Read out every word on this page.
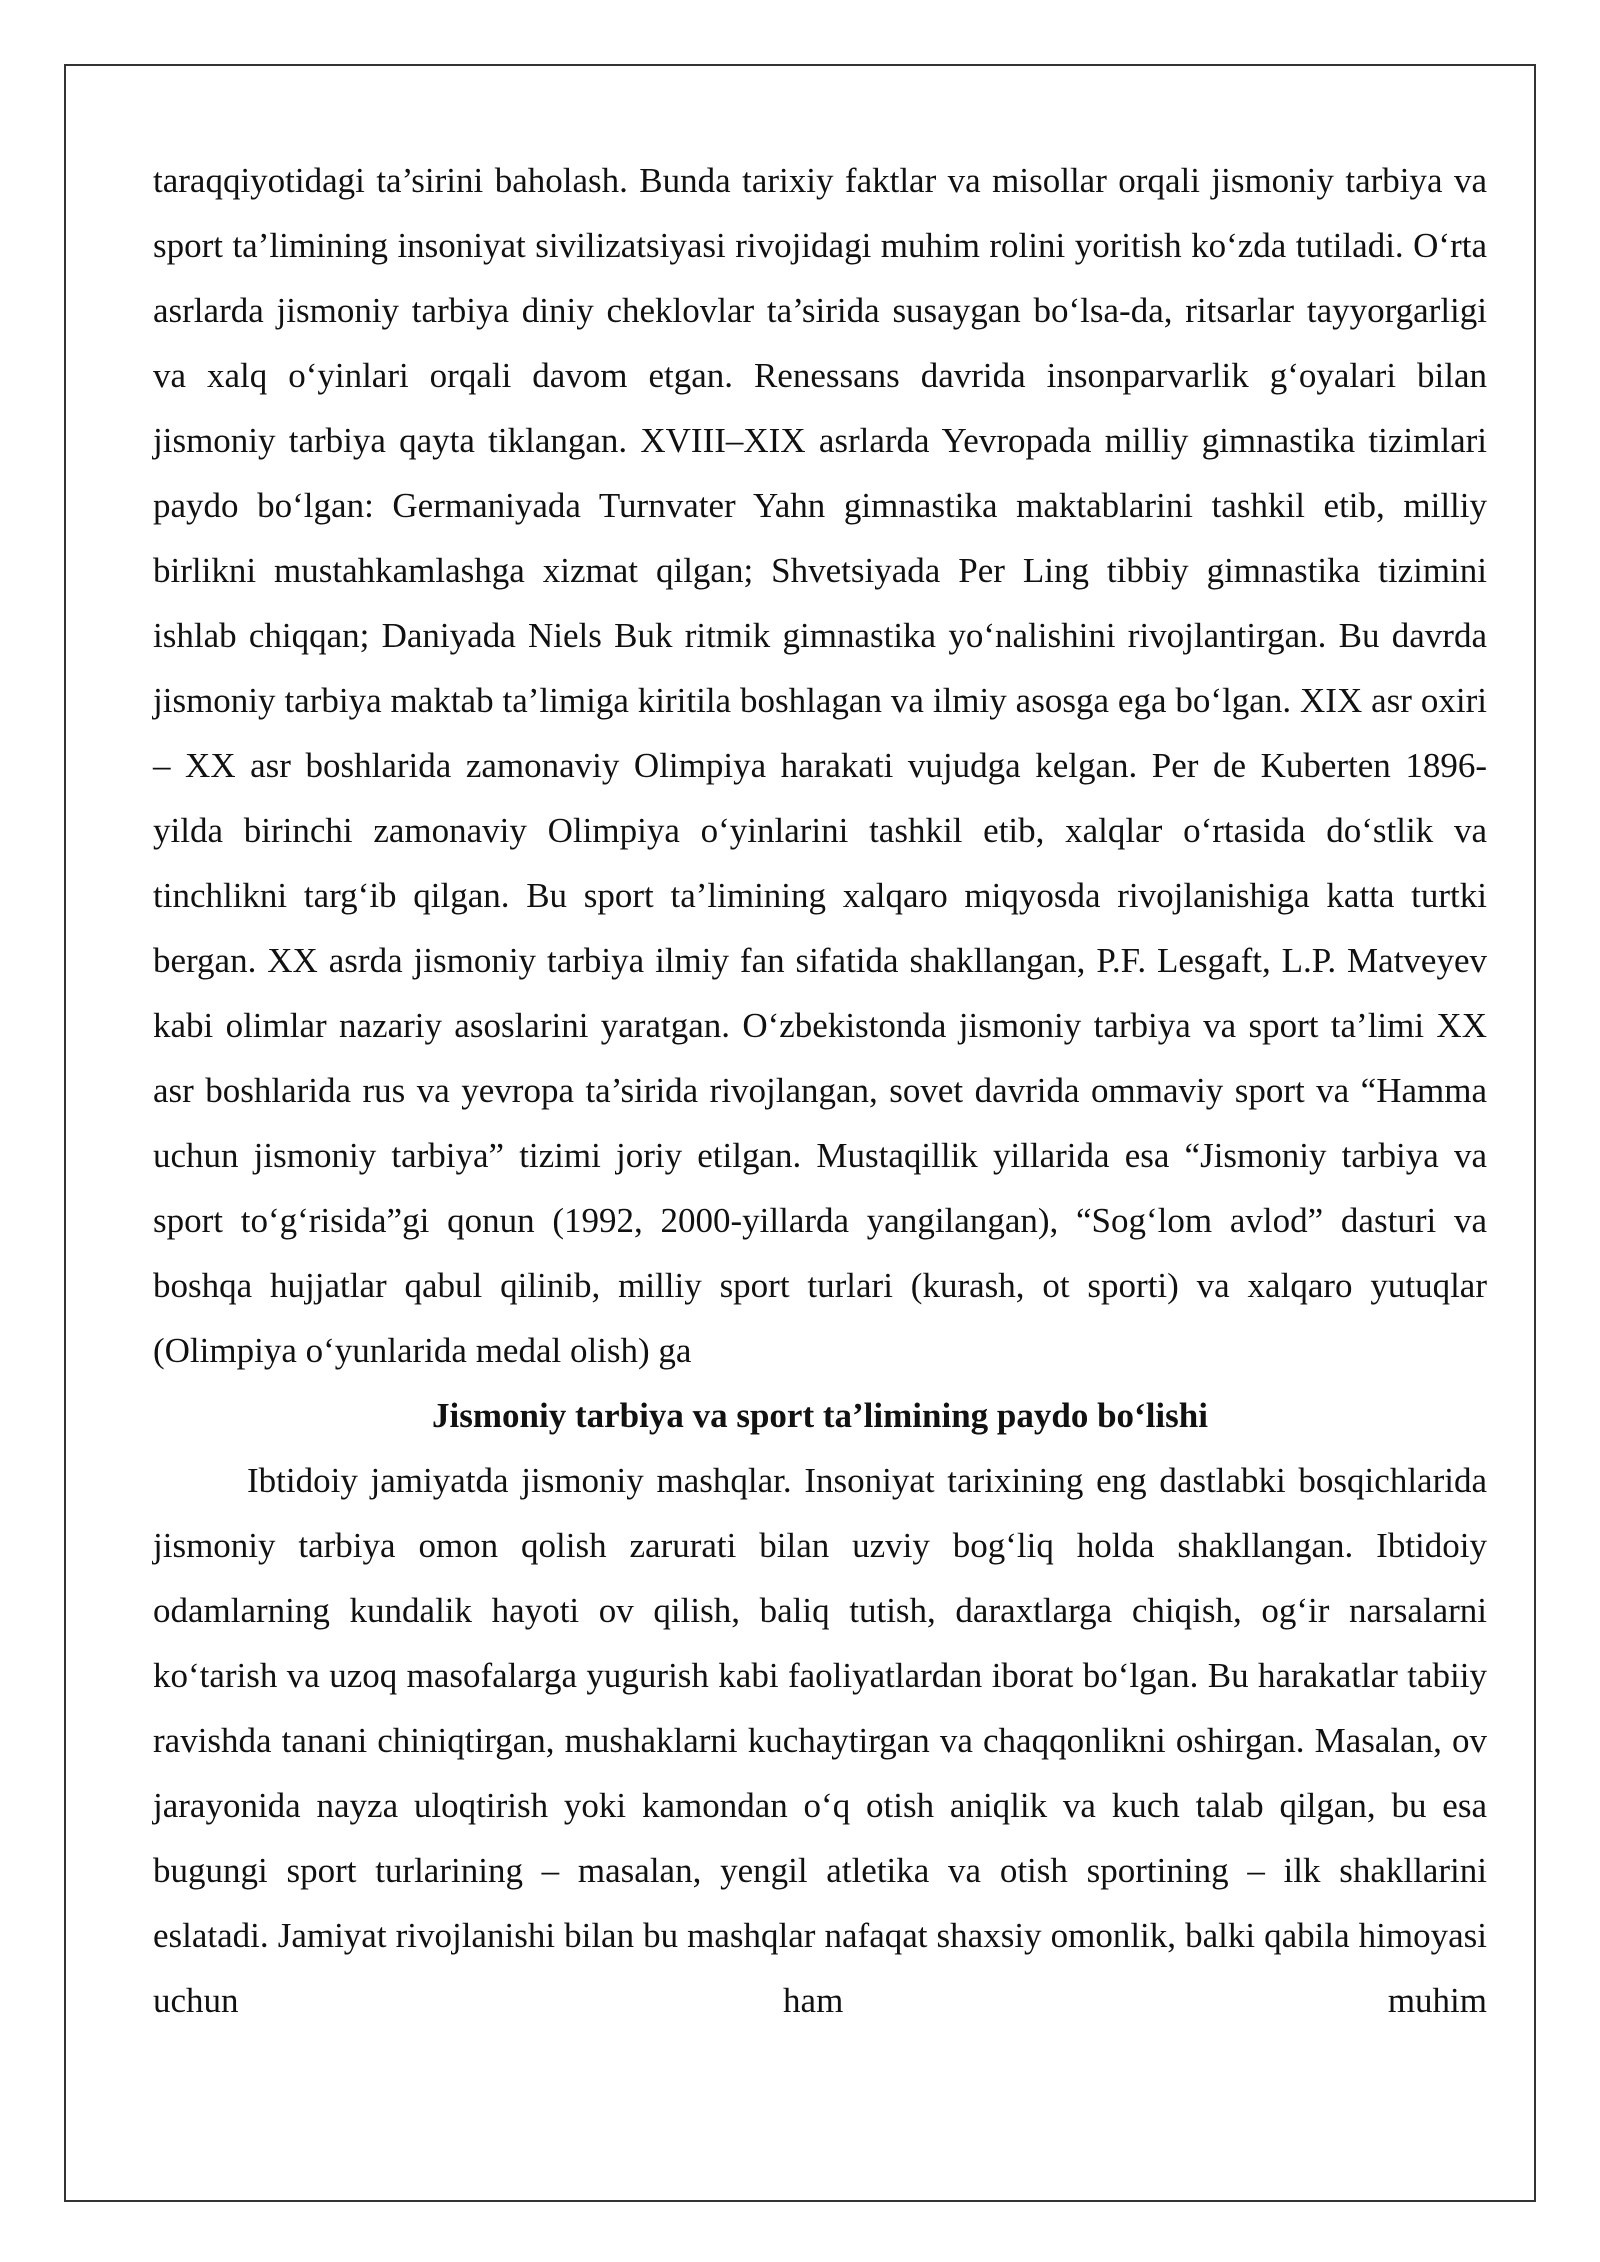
taraqqiyotidagi ta’sirini baholash. Bunda tarixiy faktlar va misollar orqali jismoniy tarbiya va sport ta’limining insoniyat sivilizatsiyasi rivojidagi muhim rolini yoritish ko‘zda tutiladi. O‘rta asrlarda jismoniy tarbiya diniy cheklovlar ta’sirida susaygan bo‘lsa-da, ritsarlar tayyorgarligi va xalq o‘yinlari orqali davom etgan. Renessans davrida insonparvarlik g‘oyalari bilan jismoniy tarbiya qayta tiklangan. XVIII–XIX asrlarda Yevropada milliy gimnastika tizimlari paydo bo‘lgan: Germaniyada Turnvater Yahn gimnastika maktablarini tashkil etib, milliy birlikni mustahkamlashga xizmat qilgan; Shvetsiyada Per Ling tibbiy gimnastika tizimini ishlab chiqqan; Daniyada Niels Buk ritmik gimnastika yo‘nalishini rivojlantirgan. Bu davrda jismoniy tarbiya maktab ta’limiga kiritila boshlagan va ilmiy asosga ega bo‘lgan. XIX asr oxiri – XX asr boshlarida zamonaviy Olimpiya harakati vujudga kelgan. Per de Kuberten 1896-yilda birinchi zamonaviy Olimpiya o‘yinlarini tashkil etib, xalqlar o‘rtasida do‘stlik va tinchlikni targ‘ib qilgan. Bu sport ta’limining xalqaro miqyosda rivojlanishiga katta turtki bergan. XX asrda jismoniy tarbiya ilmiy fan sifatida shakllangan, P.F. Lesgaft, L.P. Matveyev kabi olimlar nazariy asoslarini yaratgan. O‘zbekistonda jismoniy tarbiya va sport ta’limi XX asr boshlarida rus va yevropa ta’sirida rivojlangan, sovet davrida ommaviy sport va “Hamma uchun jismoniy tarbiya” tizimi joriy etilgan. Mustaqillik yillarida esa “Jismoniy tarbiya va sport to‘g‘risida”gi qonun (1992, 2000-yillarda yangilangan), “Sog‘lom avlod” dasturi va boshqa hujjatlar qabul qilinib, milliy sport turlari (kurash, ot sporti) va xalqaro yutuqlar (Olimpiya o‘yunlarida medal olish) ga

Jismoniy tarbiya va sport ta’limining paydo bo‘lishi

Ibtidoiy jamiyatda jismoniy mashqlar. Insoniyat tarixining eng dastlabki bosqichlarida jismoniy tarbiya omon qolish zarurati bilan uzviy bog‘liq holda shakllangan. Ibtidoiy odamlarning kundalik hayoti ov qilish, baliq tutish, daraxtlarga chiqish, og‘ir narsalarni ko‘tarish va uzoq masofalarga yugurish kabi faoliyatlardan iborat bo‘lgan. Bu harakatlar tabiiy ravishda tanani chiniqtirgan, mushaklarni kuchaytirgan va chaqqonlikni oshirgan. Masalan, ov jarayonida nayza uloqtirish yoki kamondan o‘q otish aniqlik va kuch talab qilgan, bu esa bugungi sport turlarining – masalan, yengil atletika va otish sportining – ilk shakllarini eslatadi. Jamiyat rivojlanishi bilan bu mashqlar nafaqat shaxsiy omonlik, balki qabila himoyasi uchun ham muhim
